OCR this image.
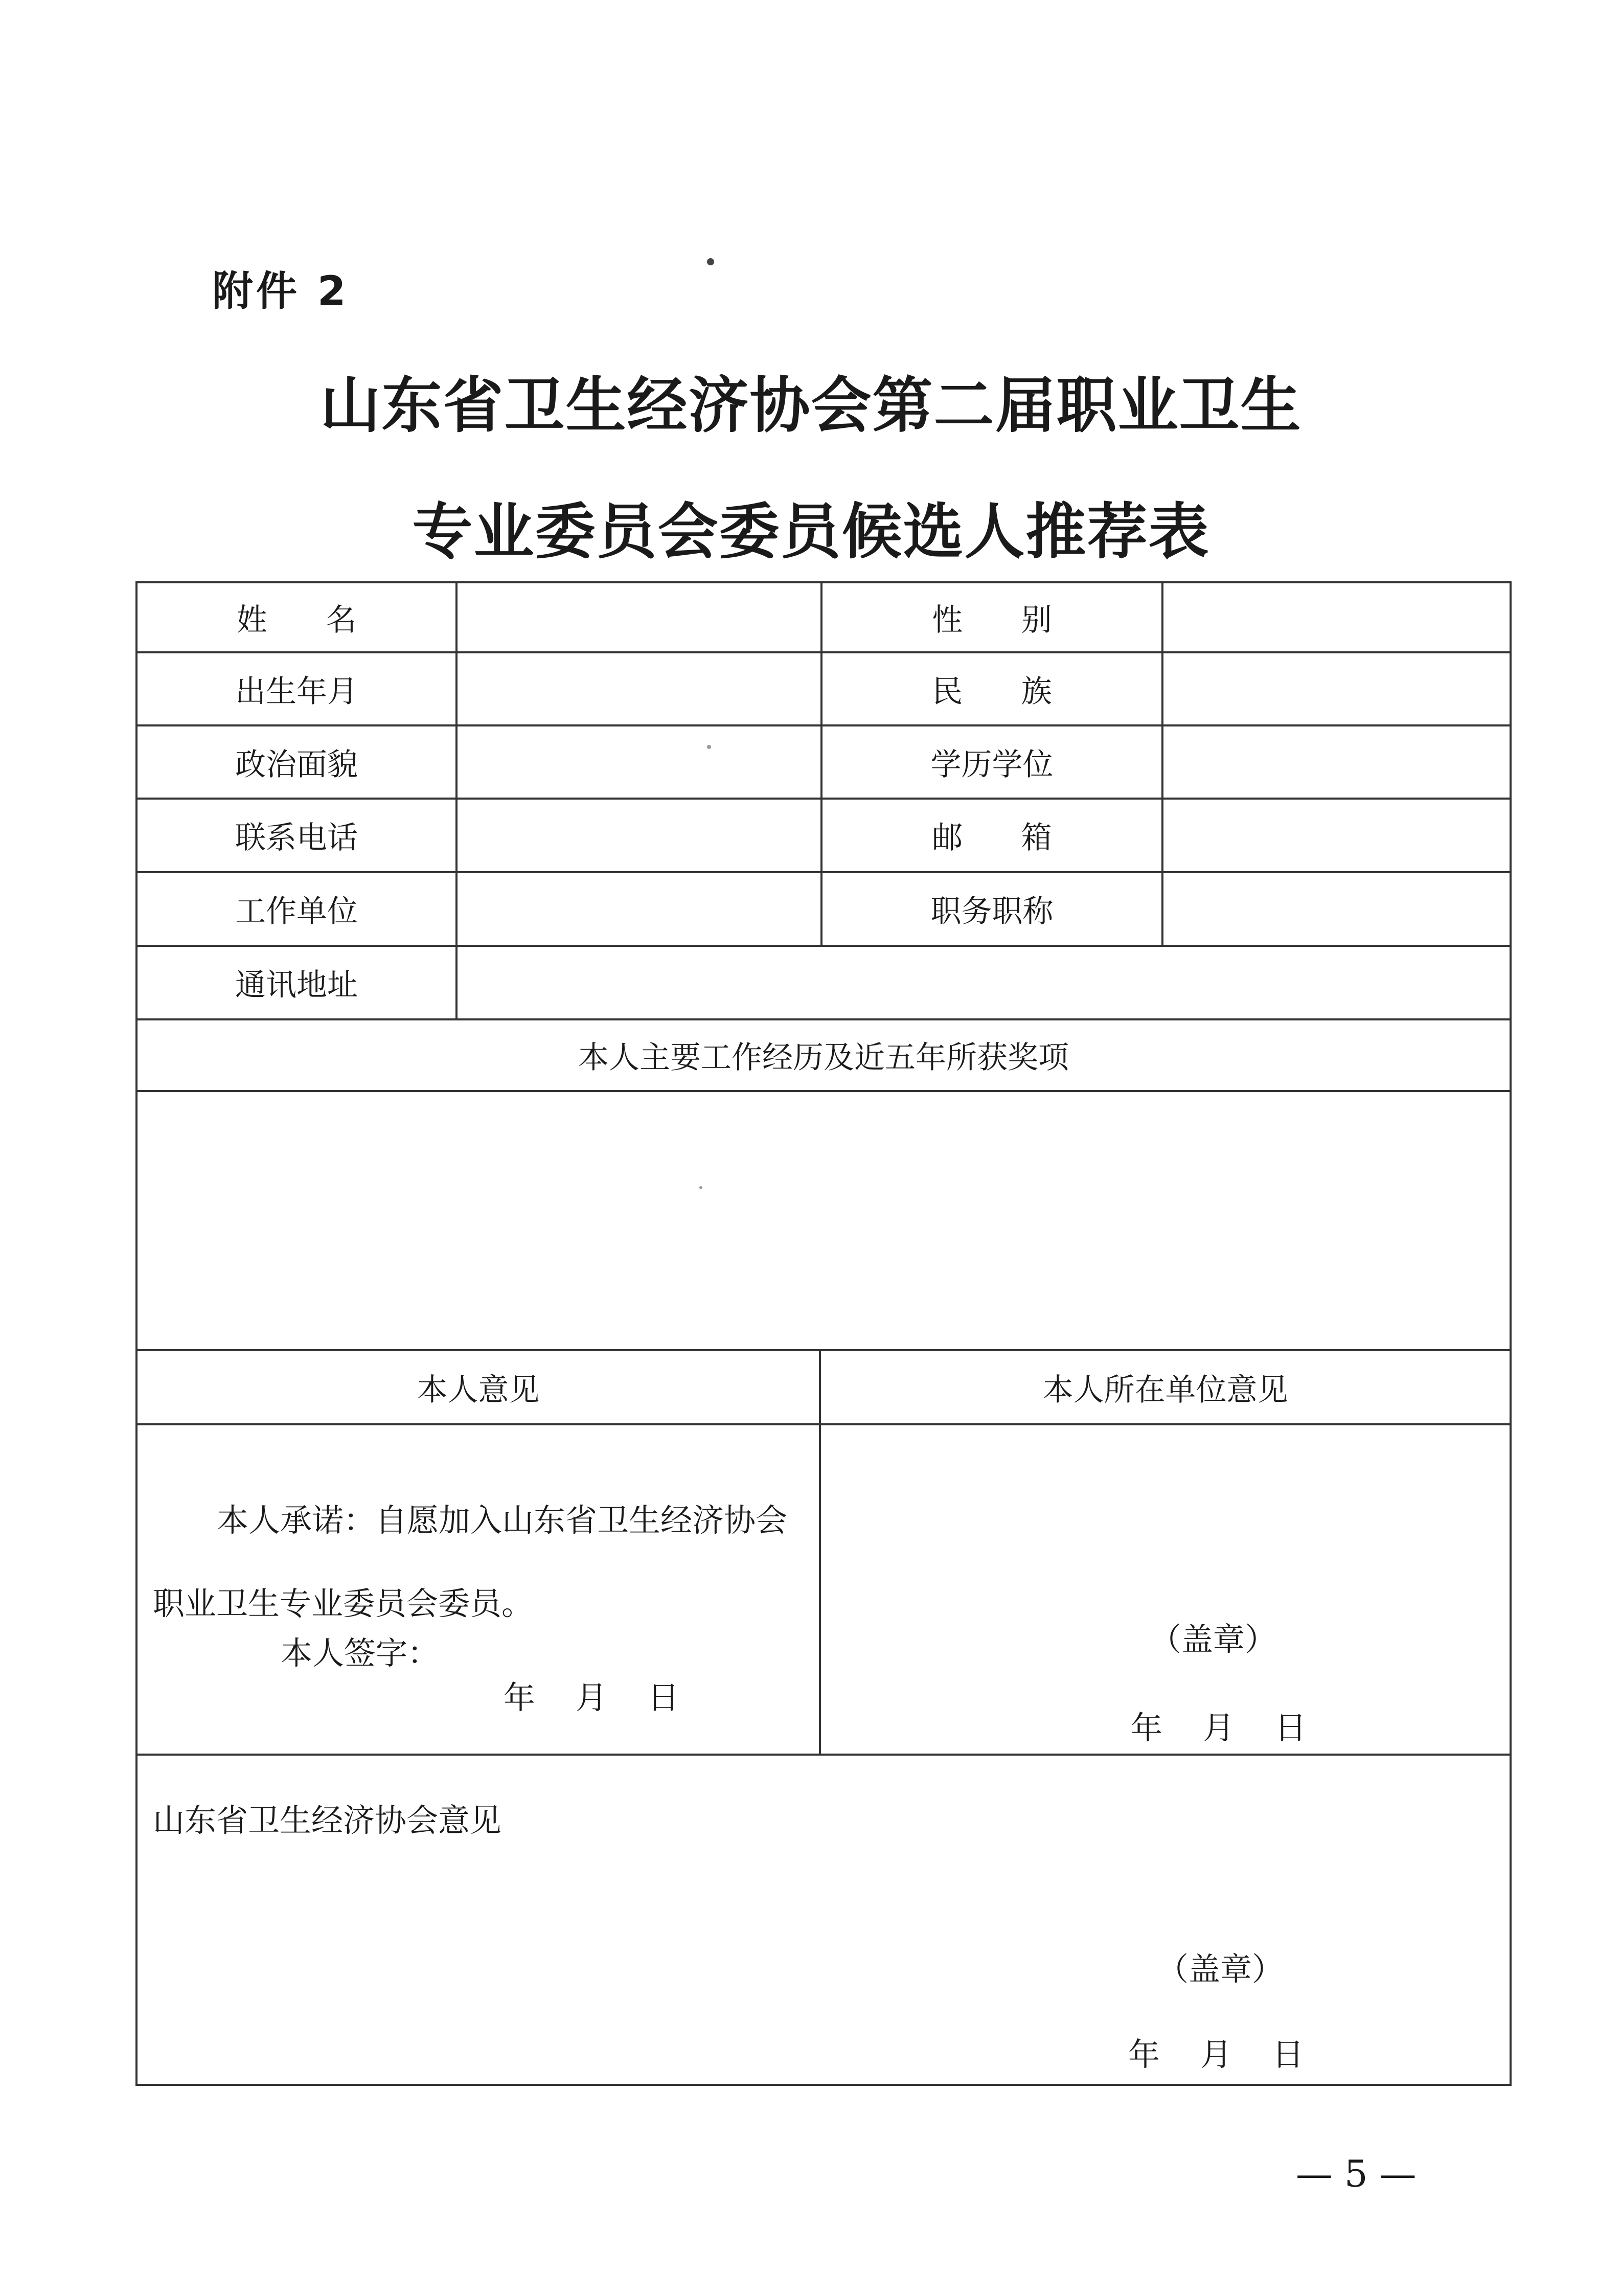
附件 2
山东省卫生经济协会第二届职业卫生
专业委员会委员候选人推荐表
姓      名	性      别
出生年月	民      族
政治面貌	学历学位
联系电话	邮      箱
工作单位	职务职称
通讯地址
本人主要工作经历及近五年所获奖项
本人意见	本人所在单位意见
本人承诺：自愿加入山东省卫生经济协会
职业卫生专业委员会委员。
本人签字：
年    月    日
（盖章）
年    月    日
山东省卫生经济协会意见
（盖章）
年    月    日
— 5 —
